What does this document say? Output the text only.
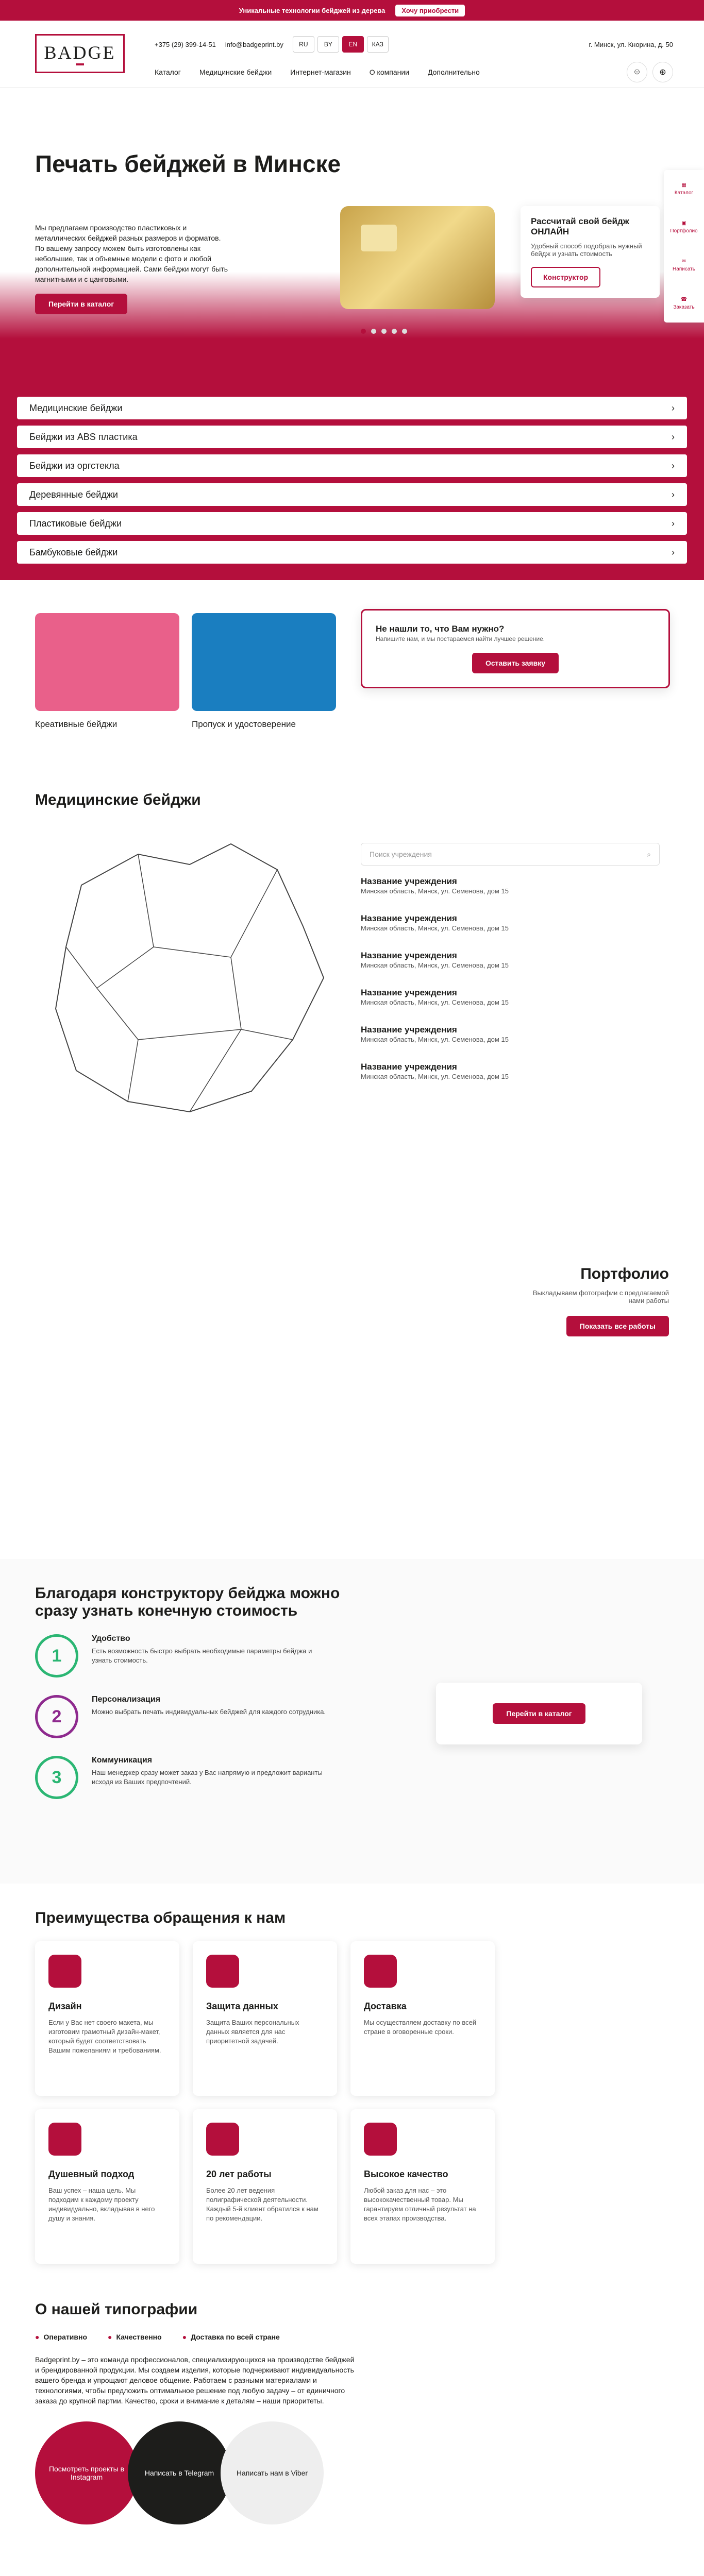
Уникальные технологии бейджей из дерева	Хочу приобрести
BADGE	+375 (29) 399-14-51 info@badgeprint.by	RU	BY	EN	КАЗ	г. Минск, ул. Кнорина, д. 50
Каталог	Медицинские бейджи	Интернет-магазин	О компании	Дополнительно	☺	⊕
▦
Каталог
▣
Портфолио
✉
Написать
☎
Заказать
Печать бейджей в Минске

Мы предлагаем производство пластиковых и металлических бейджей разных размеров и форматов. По вашему запросу можем быть изготовлены как небольшие, так и объемные модели с фото и любой дополнительной информацией. Сами бейджи могут быть магнитными и с цанговыми.

Перейти в каталог
Рассчитай свой бейдж ОНЛАЙН
Удобный способ подобрать нужный бейдж и узнать стоимость
Конструктор
Медицинские бейджи	›
Бейджи из ABS пластика	›
Бейджи из оргстекла	›
Деревянные бейджи	›
Пластиковые бейджи	›
Бамбуковые бейджи	›
Креативные бейджи	Пропуск и удостоверение
Не нашли то, что Вам нужно?
Напишите нам, и мы постараемся найти лучшее решение.
Оставить заявку
Медицинские бейджи
Поиск учреждения	⌕
Название учреждения
Минская область, Минск, ул. Семенова, дом 15
Название учреждения
Минская область, Минск, ул. Семенова, дом 15
Название учреждения
Минская область, Минск, ул. Семенова, дом 15
Название учреждения
Минская область, Минск, ул. Семенова, дом 15
Название учреждения
Минская область, Минск, ул. Семенова, дом 15
Название учреждения
Минская область, Минск, ул. Семенова, дом 15
Портфолио

Выкладываем фотографии с предлагаемой нами работы

Показать все работы
Благодаря конструктору бейджа можно сразу узнать конечную стоимость
1
Удобство
Есть возможность быстро выбрать необходимые параметры бейджа и узнать стоимость.
2
Персонализация
Можно выбрать печать индивидуальных бейджей для каждого сотрудника.
3
Коммуникация
Наш менеджер сразу может заказ у Вас напрямую и предложит варианты исходя из Ваших предпочтений.
Перейти в каталог
Преимущества обращения к нам
Дизайн
Если у Вас нет своего макета, мы изготовим грамотный дизайн-макет, который будет соответствовать Вашим пожеланиям и требованиям.
Защита данных
Защита Ваших персональных данных является для нас приоритетной задачей.
Доставка
Мы осуществляем доставку по всей стране в оговоренные сроки.
Душевный подход
Ваш успех – наша цель. Мы подходим к каждому проекту индивидуально, вкладывая в него душу и знания.
20 лет работы
Более 20 лет ведения полиграфической деятельности. Каждый 5-й клиент обратился к нам по рекомендации.
Высокое качество
Любой заказ для нас – это высококачественный товар. Мы гарантируем отличный результат на всех этапах производства.
О нашей типографии
● Оперативно	● Качественно	● Доставка по всей стране

Badgeprint.by – это команда профессионалов, специализирующихся на производстве бейджей и брендированной продукции. Мы создаем изделия, которые подчеркивают индивидуальность вашего бренда и упрощают деловое общение. Работаем с разными материалами и технологиями, чтобы предложить оптимальное решение под любую задачу – от единичного заказа до крупной партии. Качество, сроки и внимание к деталям – наши приоритеты.

Посмотреть проекты в Instagram	Написать в Telegram	Написать нам в Viber
